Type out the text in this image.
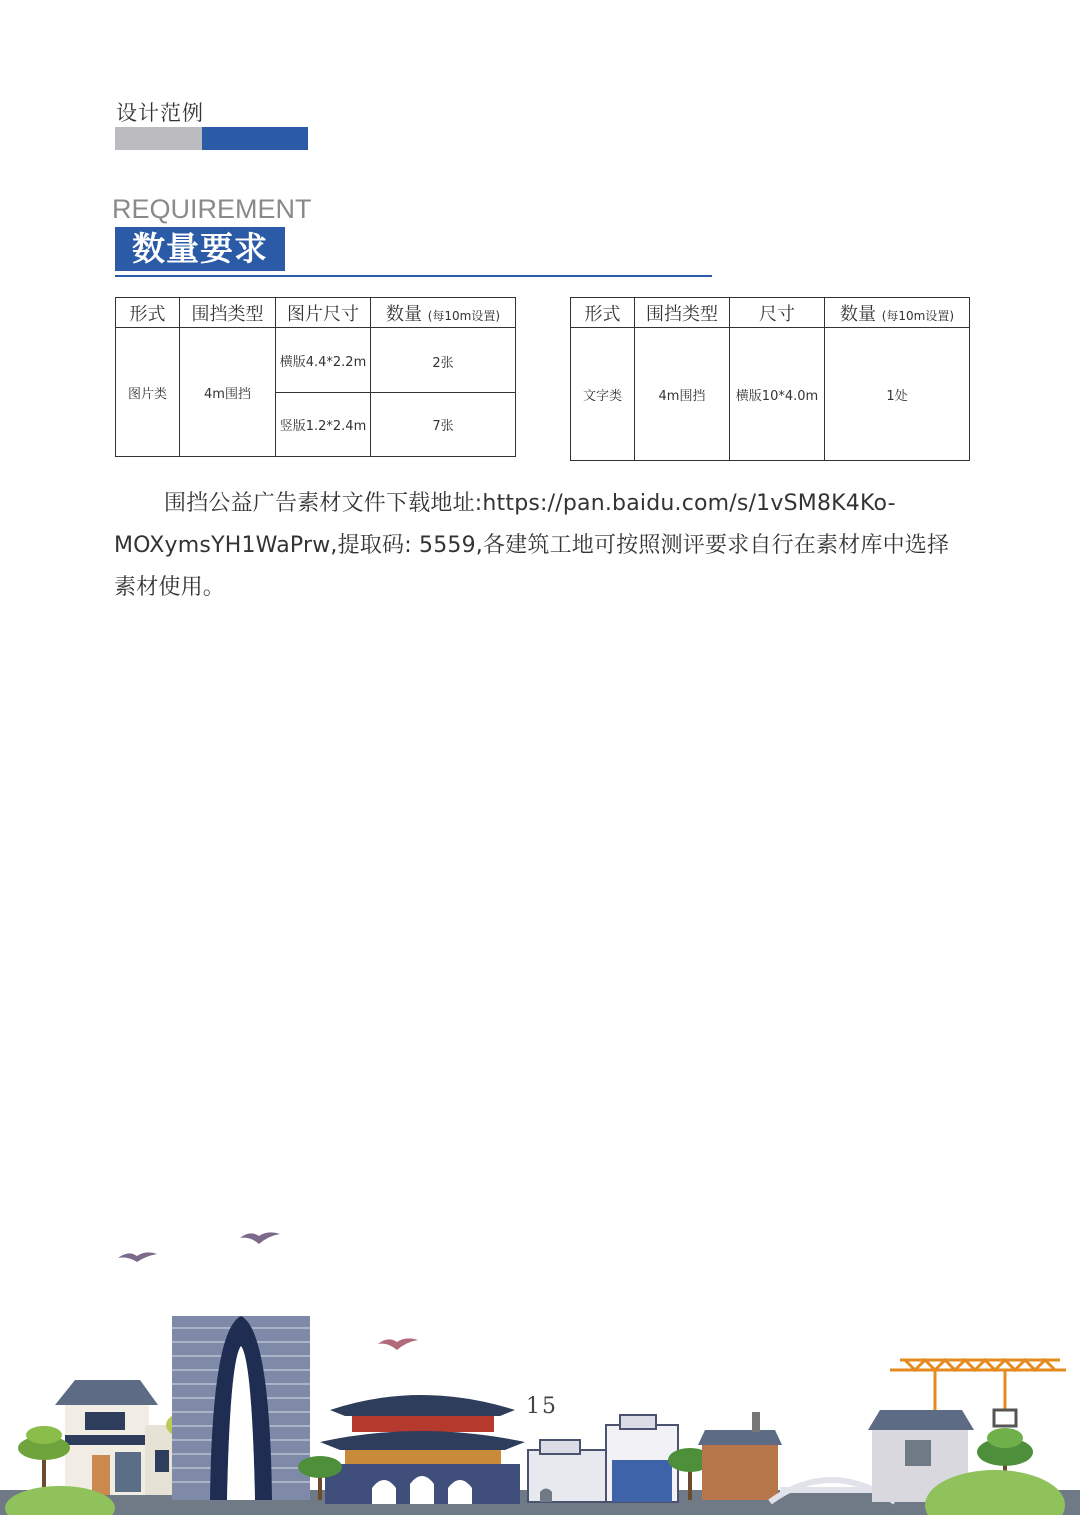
设计范例
REQUIREMENT
数量要求
形式	围挡类型	图片尺寸	数量 (每10m设置)
图片类	4m围挡	横版4.4*2.2m	2张
		竖版1.2*2.4m	7张
形式	围挡类型	尺寸	数量 (每10m设置)
文字类	4m围挡	横版10*4.0m	1处
围挡公益广告素材文件下载地址:https://pan.baidu.com/s/1vSM8K4Ko-MOXymsYH1WaPrw,提取码: 5559,各建筑工地可按照测评要求自行在素材库中选择素材使用。
15
